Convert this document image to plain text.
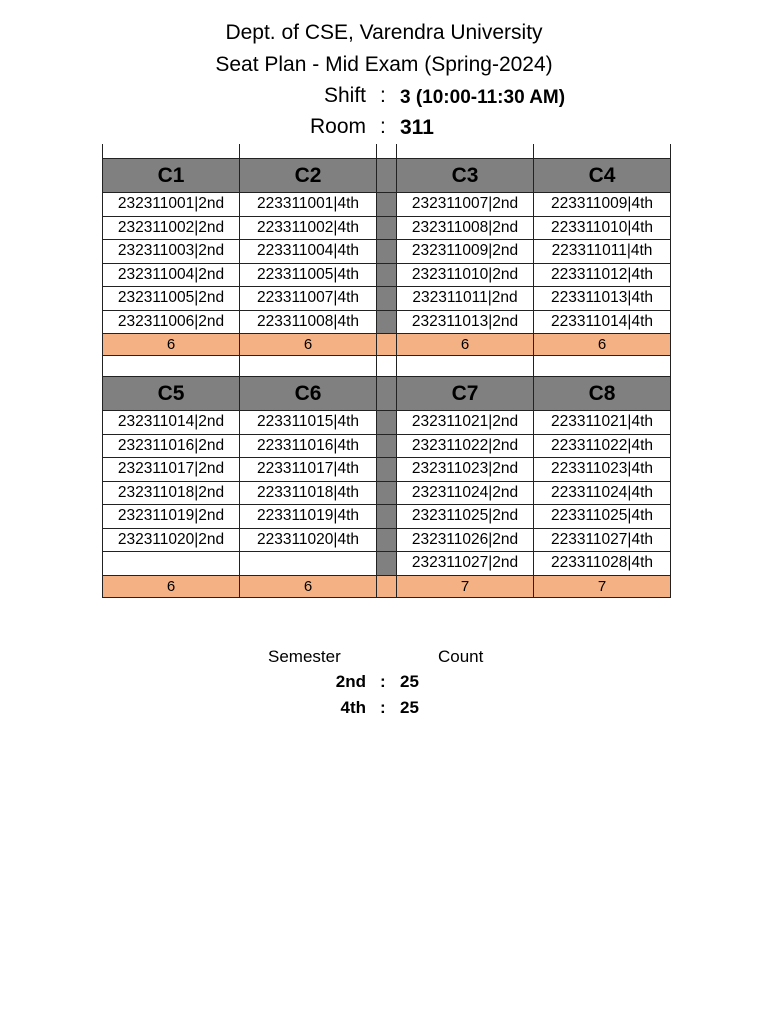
Dept. of CSE, Varendra University
Seat Plan - Mid Exam (Spring-2024)
Shift : 3 (10:00-11:30 AM)
Room : 311

C1	C2		C3	C4
232311001|2nd	223311001|4th		232311007|2nd	223311009|4th
232311002|2nd	223311002|4th		232311008|2nd	223311010|4th
232311003|2nd	223311004|4th		232311009|2nd	223311011|4th
232311004|2nd	223311005|4th		232311010|2nd	223311012|4th
232311005|2nd	223311007|4th		232311011|2nd	223311013|4th
232311006|2nd	223311008|4th		232311013|2nd	223311014|4th
6	6		6	6

C5	C6		C7	C8
232311014|2nd	223311015|4th		232311021|2nd	223311021|4th
232311016|2nd	223311016|4th		232311022|2nd	223311022|4th
232311017|2nd	223311017|4th		232311023|2nd	223311023|4th
232311018|2nd	223311018|4th		232311024|2nd	223311024|4th
232311019|2nd	223311019|4th		232311025|2nd	223311025|4th
232311020|2nd	223311020|4th		232311026|2nd	223311027|4th
			232311027|2nd	223311028|4th
6	6		7	7
Semester	Count
2nd : 25
4th : 25
